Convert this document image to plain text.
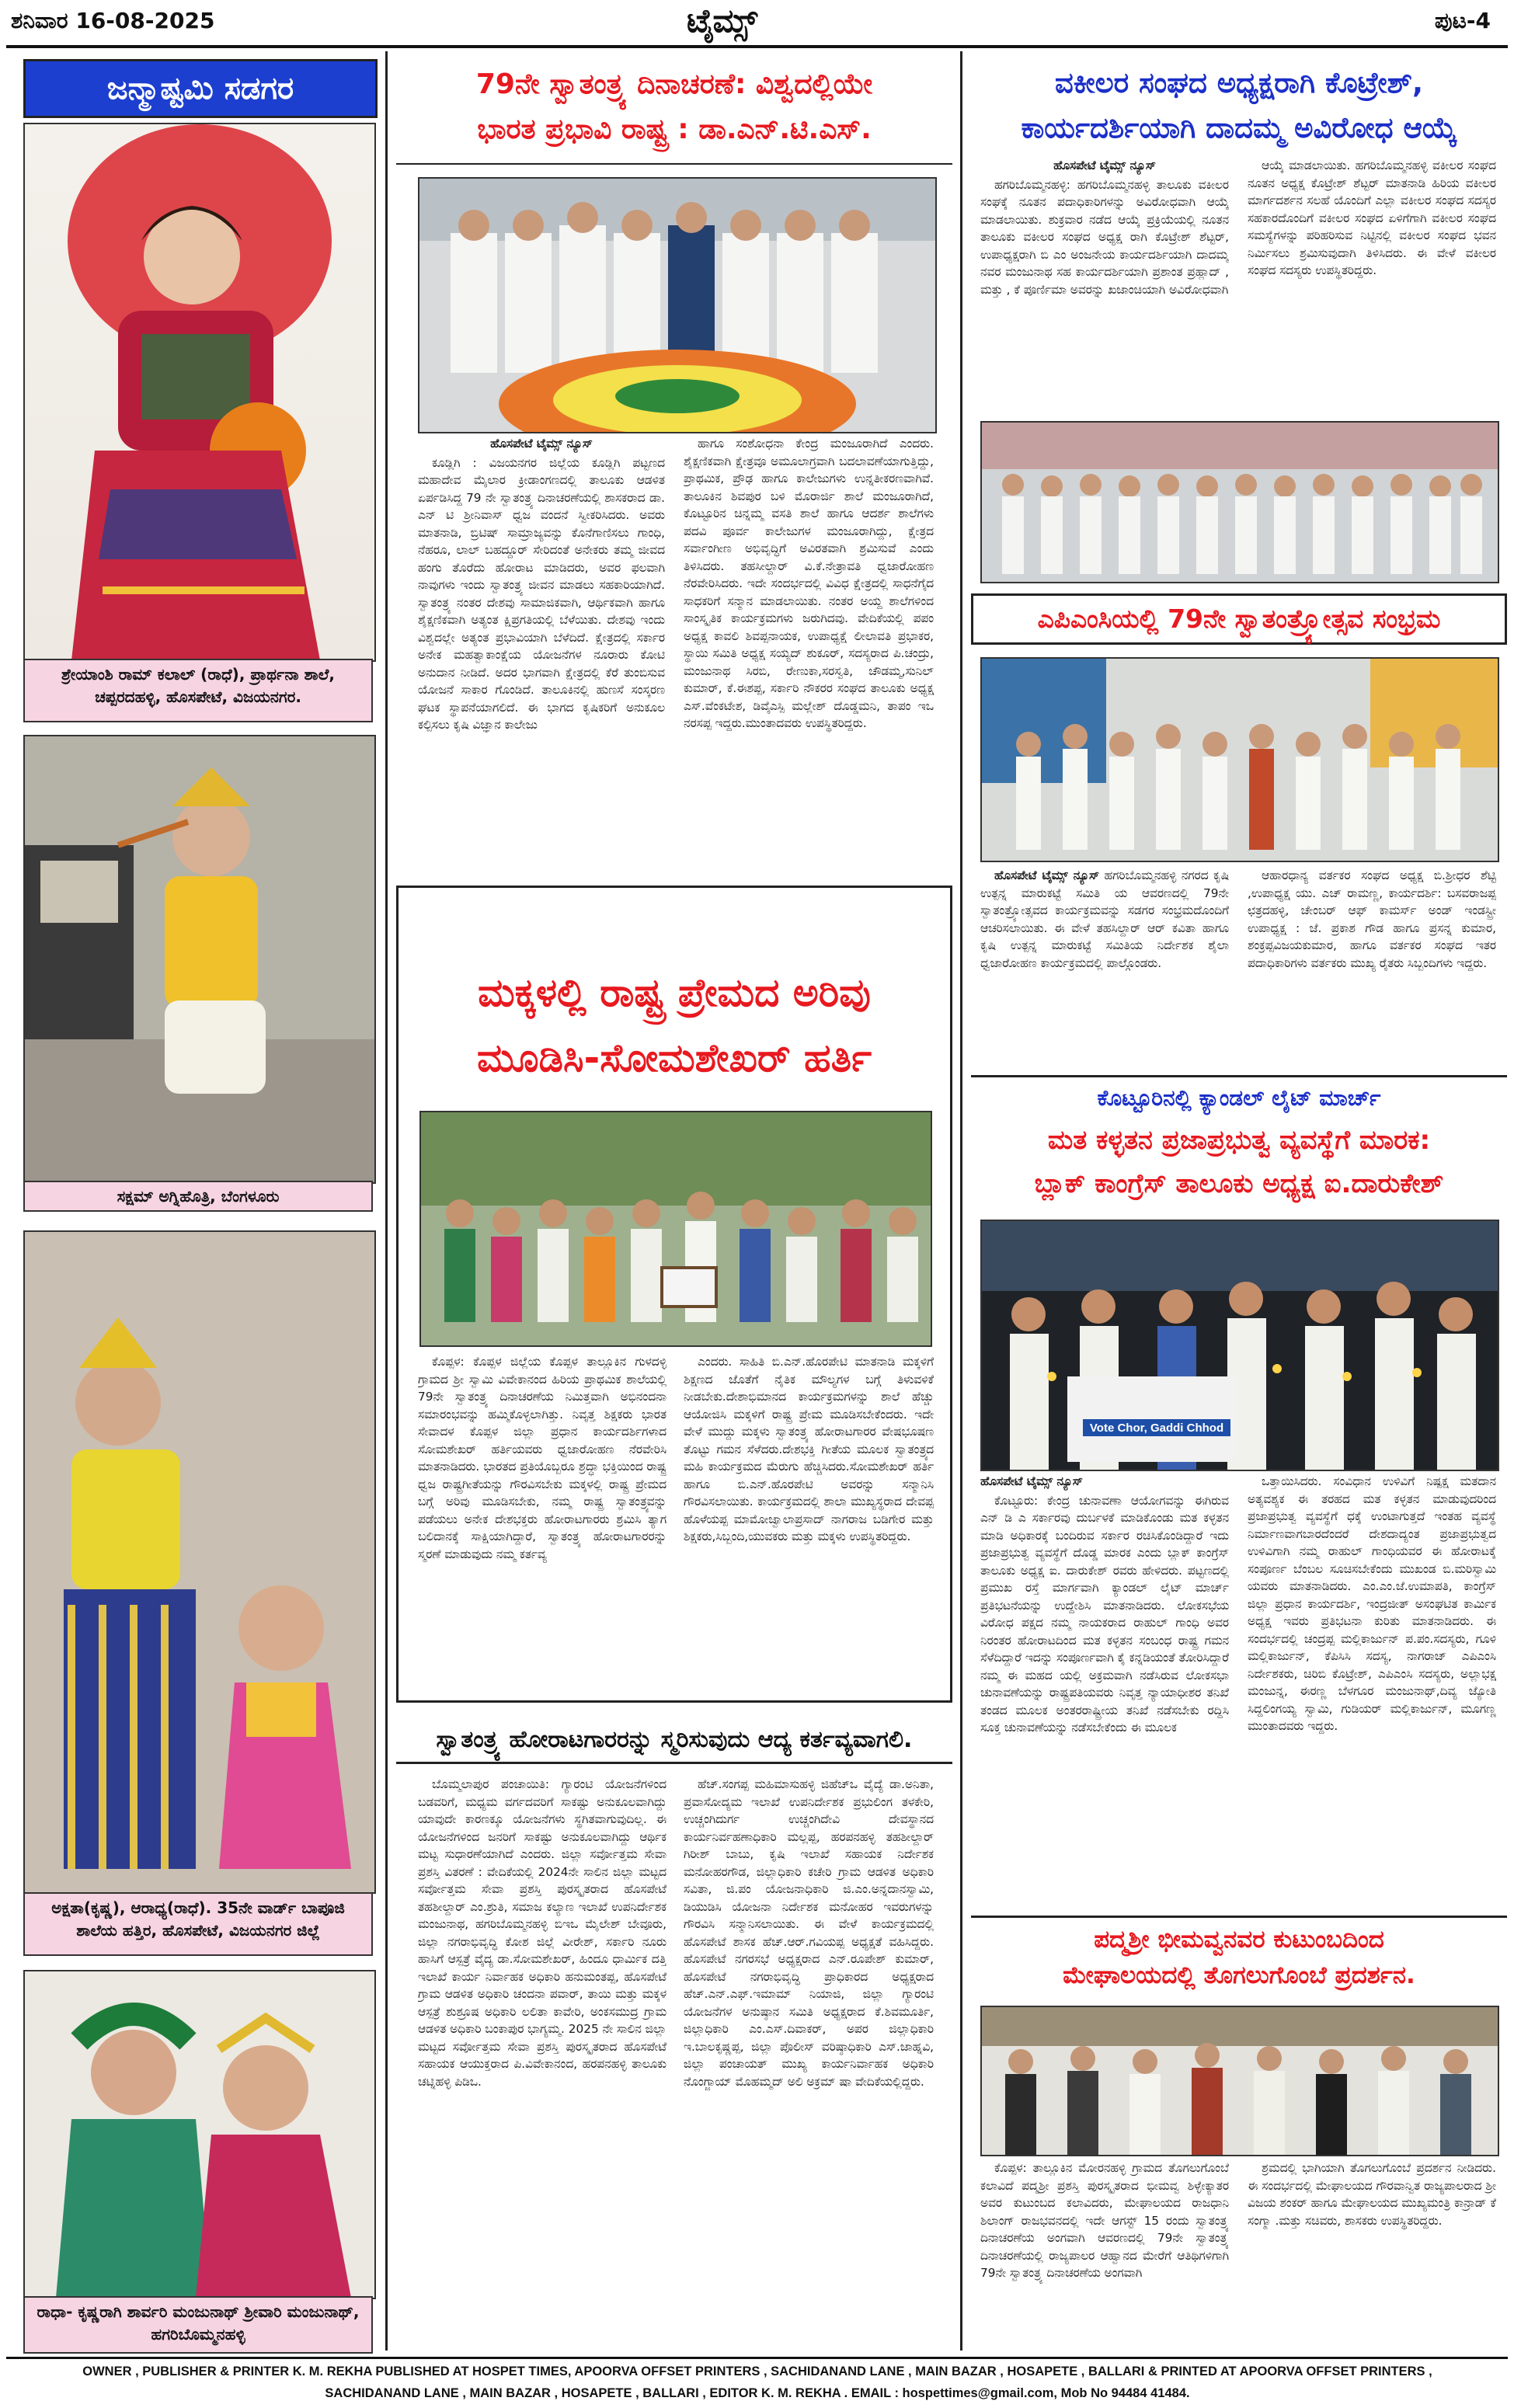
ಶನಿವಾರ 16-08-2025	ಟೈಮ್ಸ್	ಪುಟ-4
ಜನ್ಮಾಷ್ಟಮಿ ಸಡಗರ
ಶ್ರೇಯಾಂಶಿ ರಾಮ್ ಕಲಾಲ್ (ರಾಧೆ), ಪ್ರಾರ್ಥನಾ ಶಾಲೆ, ಚಪ್ಪರದಹಳ್ಳಿ, ಹೊಸಪೇಟೆ, ವಿಜಯನಗರ.
ಸಕ್ಷಮ್ ಅಗ್ನಿಹೊತ್ರಿ, ಬೆಂಗಳೂರು
ಅಕ್ಷತಾ(ಕೃಷ್ಣ), ಆರಾಧ್ಯ(ರಾಧೆ). 35ನೇ ವಾರ್ಡ್ ಬಾಪೂಜಿ ಶಾಲೆಯ ಹತ್ತಿರ, ಹೊಸಪೇಟೆ, ವಿಜಯನಗರ ಜಿಲ್ಲೆ
ರಾಧಾ- ಕೃಷ್ಣರಾಗಿ ಶಾರ್ವರಿ ಮಂಜುನಾಥ್ ಶ್ರೀವಾರಿ ಮಂಜುನಾಥ್, ಹಗರಿಬೊಮ್ಮನಹಳ್ಳಿ
79ನೇ ಸ್ವಾತಂತ್ರ್ಯ ದಿನಾಚರಣೆ: ವಿಶ್ವದಲ್ಲಿಯೇ
ಭಾರತ ಪ್ರಭಾವಿ ರಾಷ್ಟ್ರ : ಡಾ.ಎನ್.ಟಿ.ಎಸ್.

ಹೊಸಪೇಟೆ ಟೈಮ್ಸ್ ನ್ಯೂಸ್

ಕೂಡ್ಲಿಗಿ : ವಿಜಯನಗರ ಜಿಲ್ಲೆಯ ಕೂಡ್ಲಿಗಿ ಪಟ್ಟಣದ ಮಹಾದೇವ ಮೈಲಾರ ಕ್ರೀಡಾಂಗಣದಲ್ಲಿ ತಾಲೂಕು ಆಡಳಿತ ಏರ್ಪಡಿಸಿದ್ದ 79 ನೇ ಸ್ವಾತಂತ್ರ್ಯ ದಿನಾಚರಣೆಯಲ್ಲಿ ಶಾಸಕರಾದ ಡಾ. ಎನ್ ಟಿ ಶ್ರೀನಿವಾಸ್ ಧ್ವಜ ವಂದನೆ ಸ್ವೀಕರಿಸಿದರು. ಅವರು ಮಾತನಾಡಿ, ಬ್ರಿಟಿಷ್ ಸಾಮ್ರಾಜ್ಯವನ್ನು ಕೊನೆಗಾಣಿಸಲು ಗಾಂಧಿ, ನೆಹರೂ, ಲಾಲ್ ಬಹದ್ದೂರ್ ಸೇರಿದಂತೆ ಅನೇಕರು ತಮ್ಮ ಜೀವದ ಹಂಗು ತೊರೆದು ಹೋರಾಟ ಮಾಡಿದರು, ಅವರ ಫಲವಾಗಿ ನಾವುಗಳು ಇಂದು ಸ್ವಾತಂತ್ರ್ಯ ಜೀವನ ಮಾಡಲು ಸಹಕಾರಿಯಾಗಿದೆ. ಸ್ವಾತಂತ್ರ್ಯ ನಂತರ ದೇಶವು ಸಾಮಾಜಿಕವಾಗಿ, ಆರ್ಥಿಕವಾಗಿ ಹಾಗೂ ಶೈಕ್ಷಣಿಕವಾಗಿ ಅತ್ಯಂತ ಕ್ಷಿಪ್ರಗತಿಯಲ್ಲಿ ಬೆಳೆಯಿತು. ದೇಶವು ಇಂದು ವಿಶ್ವದಲ್ಲೇ ಅತ್ಯಂತ ಪ್ರಭಾವಿಯಾಗಿ ಬೆಳೆದಿದೆ. ಕ್ಷೇತ್ರದಲ್ಲಿ ಸರ್ಕಾರ ಅನೇಕ ಮಹತ್ವಾಕಾಂಕ್ಷೆಯ ಯೋಜನೆಗಳ ನೂರಾರು ಕೋಟಿ ಅನುದಾನ ನೀಡಿದೆ. ಅದರ ಭಾಗವಾಗಿ ಕ್ಷೇತ್ರದಲ್ಲಿ ಕೆರೆ ತುಂಬಿಸುವ ಯೋಜನೆ ಸಾಕಾರ ಗೊಂಡಿದೆ. ತಾಲೂಕಿನಲ್ಲಿ ಹುಣಸೆ ಸಂಸ್ಕರಣ ಘಟಕ ಸ್ಥಾಪನೆಯಾಗಲಿದೆ. ಈ ಭಾಗದ ಕೃಷಿಕರಿಗೆ ಅನುಕೂಲ ಕಲ್ಪಿಸಲು ಕೃಷಿ ವಿಜ್ಞಾನ ಕಾಲೇಜು

ಹಾಗೂ ಸಂಶೋಧನಾ ಕೇಂದ್ರ ಮಂಜೂರಾಗಿದೆ ಎಂದರು. ಶೈಕ್ಷಣಿಕವಾಗಿ ಕ್ಷೇತ್ರವೂ ಅಮೂಲಾಗ್ರವಾಗಿ ಬದಲಾವಣೆಯಾಗುತ್ತಿದ್ದು, ಪ್ರಾಥಮಿಕ, ಪ್ರೌಢ ಹಾಗೂ ಕಾಲೇಜುಗಳು ಉನ್ನತೀಕರಣವಾಗಿವೆ. ತಾಲೂಕಿನ ಶಿವಪುರ ಬಳಿ ಮೊರಾರ್ಜಿ ಶಾಲೆ ಮಂಜೂರಾಗಿದೆ, ಕೊಟ್ಟೂರಿನ ಚಿನ್ನಮ್ಮ ವಸತಿ ಶಾಲೆ ಹಾಗೂ ಆದರ್ಶ ಶಾಲೆಗಳು ಪದವಿ ಪೂರ್ವ ಕಾಲೇಜುಗಳ ಮಂಜೂರಾಗಿದ್ದು, ಕ್ಷೇತ್ರದ ಸರ್ವಾಂಗೀಣ ಅಭಿವೃದ್ಧಿಗೆ ಅವಿರತವಾಗಿ ಶ್ರಮಿಸುವೆ ಎಂದು ತಿಳಿಸಿದರು. ತಹಸೀಲ್ದಾರ್ ವಿ.ಕೆ.ನೇತ್ರಾವತಿ ಧ್ವಜಾರೋಹಣ ನೆರವೇರಿಸಿದರು. ಇದೇ ಸಂದರ್ಭದಲ್ಲಿ ವಿವಿಧ ಕ್ಷೇತ್ರದಲ್ಲಿ ಸಾಧನೆಗೈದ ಸಾಧಕರಿಗೆ ಸನ್ಮಾನ ಮಾಡಲಾಯಿತು. ನಂತರ ಅಯ್ದ ಶಾಲೆಗಳಿಂದ ಸಾಂಸ್ಕೃತಿಕ ಕಾರ್ಯಕ್ರಮಗಳು ಜರುಗಿದವು. ವೇದಿಕೆಯಲ್ಲಿ ಪಪಂ ಅಧ್ಯಕ್ಷ ಕಾವಲಿ ಶಿವಪ್ಪನಾಯಕ, ಉಪಾಧ್ಯಕ್ಷೆ ಲೀಲಾವತಿ ಪ್ರಭಾಕರ, ಸ್ಥಾಯಿ ಸಮಿತಿ ಅಧ್ಯಕ್ಷ ಸಯ್ಯದ್ ಶುಕೂರ್, ಸದಸ್ಯರಾದ ಪಿ.ಚಂದ್ರು, ಮಂಜುನಾಥ ಸಿರಬಿ, ರೇಣುಕಾ,ಸರಸ್ವತಿ, ಚೌಡಮ್ಮ,ಸುನಿಲ್ ಕುಮಾರ್, ಕೆ.ಈಶಪ್ಪ, ಸರ್ಕಾರಿ ನೌಕರರ ಸಂಘದ ತಾಲೂಕು ಅಧ್ಯಕ್ಷ ಎಸ್.ವೆಂಕಟೇಶ, ಡಿವೈಎಸ್ಪಿ ಮಲ್ಲೇಶ್ ದೊಡ್ಡಮನಿ, ತಾಪಂ ಇಒ ನರಸಪ್ಪ ಇದ್ದರು.ಮುಂತಾದವರು ಉಪಸ್ಥಿತರಿದ್ದರು.

ಮಕ್ಕಳಲ್ಲಿ ರಾಷ್ಟ್ರ ಪ್ರೇಮದ ಅರಿವು
ಮೂಡಿಸಿ-ಸೋಮಶೇಖರ್ ಹರ್ತಿ

ಕೊಪ್ಪಳ: ಕೊಪ್ಪಳ ಜಿಲ್ಲೆಯ ಕೊಪ್ಪಳ ತಾಲ್ಲೂಕಿನ ಗುಳದಳ್ಳಿ ಗ್ರಾಮದ ಶ್ರೀ ಸ್ವಾಮಿ ವಿವೇಕಾನಂದ ಹಿರಿಯ ಪ್ರಾಥಮಿಕ ಶಾಲೆಯಲ್ಲಿ 79ನೇ ಸ್ವಾತಂತ್ರ್ಯ ದಿನಾಚರಣೆಯ ನಿಮಿತ್ತವಾಗಿ ಅಭಿನಂದನಾ ಸಮಾರಂಭವನ್ನು ಹಮ್ಮಿಕೊಳ್ಳಲಾಗಿತ್ತು. ನಿವೃತ್ತ ಶಿಕ್ಷಕರು ಭಾರತ ಸೇವಾದಳ ಕೊಪ್ಪಳ ಜಿಲ್ಲಾ ಪ್ರಧಾನ ಕಾರ್ಯದರ್ಶಿಗಳಾದ ಸೋಮಶೇಖರ್ ಹರ್ತಿಯವರು ಧ್ವಜಾರೋಹಣ ನೆರವೇರಿಸಿ ಮಾತನಾಡಿದರು. ಭಾರತದ ಪ್ರತಿಯೊಬ್ಬರೂ ಶ್ರದ್ಧಾ ಭಕ್ತಿಯಿಂದ ರಾಷ್ಟ್ರ ಧ್ವಜ ರಾಷ್ಟ್ರಗೀತೆಯನ್ನು ಗೌರವಿಸಬೇಕು ಮಕ್ಕಳಲ್ಲಿ ರಾಷ್ಟ್ರ ಪ್ರೇಮದ ಬಗ್ಗೆ ಅರಿವು ಮೂಡಿಸಬೇಕು, ನಮ್ಮ ರಾಷ್ಟ್ರ ಸ್ವಾತಂತ್ರ್ಯವನ್ನು ಪಡೆಯಲು ಅನೇಕ ದೇಶಭಕ್ತರು ಹೋರಾಟಗಾರರು ಶ್ರಮಿಸಿ ತ್ಯಾಗ ಬಲಿದಾನಕ್ಕೆ ಸಾಕ್ಷಿಯಾಗಿದ್ದಾರೆ, ಸ್ವಾತಂತ್ರ್ಯ ಹೋರಾಟಗಾರರನ್ನು ಸ್ಮರಣೆ ಮಾಡುವುದು ನಮ್ಮ ಕರ್ತವ್ಯ

ಎಂದರು. ಸಾಹಿತಿ ಬಿ.ಎನ್.ಹೊರಪೇಟಿ ಮಾತನಾಡಿ ಮಕ್ಕಳಿಗೆ ಶಿಕ್ಷಣದ ಜೊತೆಗೆ ನೈತಿಕ ಮೌಲ್ಯಗಳ ಬಗ್ಗೆ ತಿಳುವಳಿಕೆ ನೀಡಬೇಕು.ದೇಶಾಭಿಮಾನದ ಕಾರ್ಯಕ್ರಮಗಳನ್ನು ಶಾಲೆ ಹೆಚ್ಚು ಆಯೋಜಿಸಿ ಮಕ್ಕಳಿಗೆ ರಾಷ್ಟ್ರ ಪ್ರೇಮ ಮೂಡಿಸಬೇಕೆಂದರು. ಇದೇ ವೇಳೆ ಮುದ್ದು ಮಕ್ಕಳು ಸ್ವಾತಂತ್ರ್ಯ ಹೋರಾಟಗಾರರ ವೇಷಭೂಷಣ ತೊಟ್ಟು ಗಮನ ಸೆಳೆದರು.ದೇಶಭಕ್ತಿ ಗೀತೆಯ ಮೂಲಕ ಸ್ವಾತಂತ್ರ್ಯದ ಮಹಿ ಕಾರ್ಯಕ್ರಮದ ಮೆರುಗು ಹೆಚ್ಚಿಸಿದರು.ಸೋಮಶೇಖರ್ ಹರ್ತಿ ಹಾಗೂ ಬಿ.ಎನ್.ಹೊರಪೇಟಿ ಅವರನ್ನು ಸನ್ಮಾನಿಸಿ ಗೌರವಿಸಲಾಯಿತು. ಕಾರ್ಯಕ್ರಮದಲ್ಲಿ ಶಾಲಾ ಮುಖ್ಯಸ್ಥರಾದ ದೇವಪ್ಪ ಹೊಳೆಯಪ್ಪ ಮಾಮೋಜ್ವಾಲಾಪ್ರಸಾದ್ ನಾಗರಾಜ ಬಡಿಗೇರ ಮತ್ತು ಶಿಕ್ಷಕರು,ಸಿಬ್ಬಂದಿ,ಯುವಕರು ಮತ್ತು ಮಕ್ಕಳು ಉಪಸ್ಥಿತರಿದ್ದರು.

ಸ್ವಾತಂತ್ರ್ಯ ಹೋರಾಟಗಾರರನ್ನು ಸ್ಮರಿಸುವುದು ಆದ್ಯ ಕರ್ತವ್ಯವಾಗಲಿ.

ಬೊಮ್ಮಲಾಪುರ ಪಂಚಾಯಿತಿ: ಗ್ಯಾರಂಟಿ ಯೋಜನೆಗಳಿಂದ ಬಡವರಿಗೆ, ಮಧ್ಯಮ ವರ್ಗದವರಿಗೆ ಸಾಕಷ್ಟು ಅನುಕೂಲವಾಗಿದ್ದು ಯಾವುದೇ ಕಾರಣಕ್ಕೂ ಯೋಜನೆಗಳು ಸ್ಥಗಿತವಾಗುವುದಿಲ್ಲ. ಈ ಯೋಜನೆಗಳಿಂದ ಜನರಿಗೆ ಸಾಕಷ್ಟು ಅನುಕೂಲವಾಗಿದ್ದು ಆರ್ಥಿಕ ಮಟ್ಟ ಸುಧಾರಣೆಯಾಗಿದೆ ಎಂದರು. ಜಿಲ್ಲಾ ಸರ್ವೋತ್ತಮ ಸೇವಾ ಪ್ರಶಸ್ತಿ ವಿತರಣೆ : ವೇದಿಕೆಯಲ್ಲಿ 2024ನೇ ಸಾಲಿನ ಜಿಲ್ಲಾ ಮಟ್ಟದ ಸರ್ವೋತ್ತಮ ಸೇವಾ ಪ್ರಶಸ್ತಿ ಪುರಸ್ಕೃತರಾದ ಹೊಸಪೇಟೆ ತಹಶೀಲ್ದಾರ್ ಎಂ.ಶ್ರುತಿ, ಸಮಾಜ ಕಲ್ಯಾಣ ಇಲಾಖೆ ಉಪನಿರ್ದೇಶಕ ಮಂಜುನಾಥ, ಹಗರಿಬೊಮ್ಮನಹಳ್ಳಿ ಬಿಇಒ ಮೈಲೇಶ್ ಬೇವೂರು, ಜಿಲ್ಲಾ ನಗರಾಭಿವೃದ್ಧಿ ಕೋಶ ಜಿಲ್ಲೆ ವೀರೇಶ್, ಸರ್ಕಾರಿ ನೂರು ಹಾಸಿಗೆ ಆಸ್ಪತ್ರೆ ವೈದ್ಯ ಡಾ.ಸೋಮಶೇಖರ್, ಹಿಂದೂ ಧಾರ್ಮಿಕ ದತ್ತಿ ಇಲಾಖೆ ಕಾರ್ಯ ನಿರ್ವಾಹಕ ಅಧಿಕಾರಿ ಹನುಮಂತಪ್ಪ, ಹೊಸಪೇಟೆ ಗ್ರಾಮ ಆಡಳಿತ ಅಧಿಕಾರಿ ಚಂದನಾ ಪವಾರ್, ತಾಯಿ ಮತ್ತು ಮಕ್ಕಳ ಆಸ್ಪತ್ರೆ ಶುಶ್ರೂಷ ಅಧಿಕಾರಿ ಲಲಿತಾ ಕಾವೇರಿ, ಅಂಕಸಮುದ್ರ ಗ್ರಾಮ ಆಡಳಿತ ಅಧಿಕಾರಿ ಬಂಕಾಪುರ ಭಾಗ್ಯಮ್ಮ. 2025 ನೇ ಸಾಲಿನ ಜಿಲ್ಲಾ ಮಟ್ಟದ ಸರ್ವೋತ್ತಮ ಸೇವಾ ಪ್ರಶಸ್ತಿ ಪುರಸ್ಕೃತರಾದ ಹೊಸಪೇಟೆ ಸಹಾಯಕ ಆಯುಕ್ತರಾದ ಪಿ.ವಿವೇಕಾನಂದ, ಹರಪನಹಳ್ಳಿ ತಾಲೂಕು ಚಟ್ನಿಹಳ್ಳಿ ಪಿಡಿಒ.

ಹೆಚ್.ಸಂಗಪ್ಪ ಮಹಿಮಾಸುಹಳ್ಳಿ ಜಿಹೆಚ್ಒ ವೈದ್ಯೆ ಡಾ.ಅನಿತಾ, ಪ್ರವಾಸೋದ್ಯಮ ಇಲಾಖೆ ಉಪನಿರ್ದೇಶಕ ಪ್ರಭುಲಿಂಗ ತಳಕೇರಿ, ಉಚ್ಚಂಗಿದುರ್ಗ ಉಚ್ಚಂಗಿದೇವಿ ದೇವಸ್ಥಾನದ ಕಾರ್ಯನಿರ್ವಹಣಾಧಿಕಾರಿ ಮಲ್ಲಪ್ಪ, ಹರಪನಹಳ್ಳಿ ತಹಶೀಲ್ದಾರ್ ಗಿರೀಶ್ ಬಾಬು, ಕೃಷಿ ಇಲಾಖೆ ಸಹಾಯಕ ನಿರ್ದೇಶಕ ಮನೋಹರಗೌಡ, ಜಿಲ್ಲಾಧಿಕಾರಿ ಕಚೇರಿ ಗ್ರಾಮ ಆಡಳಿತ ಅಧಿಕಾರಿ ಸವಿತಾ, ಜಿ.ಪಂ ಯೋಜನಾಧಿಕಾರಿ ಜಿ.ಎಂ.ಅನ್ನದಾನಸ್ವಾಮಿ, ಡಿಯುಡಿಸಿ ಯೋಜನಾ ನಿರ್ದೇಶಕ ಮನೋಹರ ಇವರುಗಳನ್ನು ಗೌರವಿಸಿ ಸನ್ಮಾನಿಸಲಾಯಿತು. ಈ ವೇಳೆ ಕಾರ್ಯಕ್ರಮದಲ್ಲಿ ಹೊಸಪೇಟೆ ಶಾಸಕ ಹೆಚ್.ಆರ್.ಗವಿಯಪ್ಪ ಅಧ್ಯಕ್ಷತೆ ವಹಿಸಿದ್ದರು. ಹೊಸಪೇಟೆ ನಗರಸಭೆ ಅಧ್ಯಕ್ಷರಾದ ಎನ್.ರೂಪೇಶ್ ಕುಮಾರ್, ಹೊಸಪೇಟೆ ನಗರಾಭಿವೃದ್ಧಿ ಪ್ರಾಧಿಕಾರದ ಅಧ್ಯಕ್ಷರಾದ ಹೆಚ್.ಎನ್.ಎಫ್.ಇಮಾಮ್ ನಿಯಾಜಿ, ಜಿಲ್ಲಾ ಗ್ಯಾರಂಟಿ ಯೋಜನೆಗಳ ಅನುಷ್ಠಾನ ಸಮಿತಿ ಅಧ್ಯಕ್ಷರಾದ ಕೆ.ಶಿವಮೂರ್ತಿ, ಜಿಲ್ಲಾಧಿಕಾರಿ ಎಂ.ಎಸ್.ದಿವಾಕರ್, ಅಪರ ಜಿಲ್ಲಾಧಿಕಾರಿ ಇ.ಬಾಲಕೃಷ್ಣಪ್ಪ, ಜಿಲ್ಲಾ ಪೊಲೀಸ್ ವರಿಷ್ಠಾಧಿಕಾರಿ ಎಸ್.ಜಾಹ್ನವಿ, ಜಿಲ್ಲಾ ಪಂಚಾಯತ್ ಮುಖ್ಯ ಕಾರ್ಯನಿರ್ವಾಹಕ ಅಧಿಕಾರಿ ನೊಂಗ್ಜಾಯ್ ಮೊಹಮ್ಮದ್ ಅಲಿ ಅಕ್ರಮ್ ಷಾ ವೇದಿಕೆಯಲ್ಲಿದ್ದರು.

ವಕೀಲರ ಸಂಘದ ಅಧ್ಯಕ್ಷರಾಗಿ ಕೊಟ್ರೇಶ್,
ಕಾರ್ಯದರ್ಶಿಯಾಗಿ ದಾದಮ್ಮ ಅವಿರೋಧ ಆಯ್ಕೆ

ಹೊಸಪೇಟೆ ಟೈಮ್ಸ್ ನ್ಯೂಸ್

ಹಗರಿಬೊಮ್ಮನಹಳ್ಳಿ: ಹಗರಿಬೊಮ್ಮನಹಳ್ಳಿ ತಾಲೂಕು ವಕೀಲರ ಸಂಘಕ್ಕೆ ನೂತನ ಪದಾಧಿಕಾರಿಗಳನ್ನು ಅವಿರೋಧವಾಗಿ ಆಯ್ಕೆ ಮಾಡಲಾಯಿತು. ಶುಕ್ರವಾರ ನಡೆದ ಆಯ್ಕೆ ಪ್ರಕ್ರಿಯೆಯಲ್ಲಿ ನೂತನ ತಾಲೂಕು ವಕೀಲರ ಸಂಘದ ಅಧ್ಯಕ್ಷ ರಾಗಿ ಕೊಟ್ರೇಶ್ ಶೆಟ್ಟರ್, ಉಪಾಧ್ಯಕ್ಷರಾಗಿ ಬಿ ಎಂ ಅಂಜನೇಯ ಕಾರ್ಯದರ್ಶಿಯಾಗಿ ದಾದಮ್ಮ ನವರ ಮಂಜುನಾಥ ಸಹ ಕಾರ್ಯದರ್ಶಿಯಾಗಿ ಪ್ರಶಾಂತ ಪ್ರಹ್ಲಾದ್ , ಮತ್ತು , ಕೆ ಪೂರ್ಣಿಮಾ ಅವರನ್ನು ಖಜಾಂಚಿಯಾಗಿ ಅವಿರೋಧವಾಗಿ

ಆಯ್ಕೆ ಮಾಡಲಾಯಿತು. ಹಗರಿಬೊಮ್ಮನಹಳ್ಳಿ ವಕೀಲರ ಸಂಘದ ನೂತನ ಅಧ್ಯಕ್ಷ ಕೊಟ್ರೇಶ್ ಶೆಟ್ಟರ್ ಮಾತನಾಡಿ ಹಿರಿಯ ವಕೀಲರ ಮಾರ್ಗದರ್ಶನ ಸಲಹೆ ಯೊಂದಿಗೆ ಎಲ್ಲಾ ವಕೀಲರ ಸಂಘದ ಸದಸ್ಯರ ಸಹಕಾರದೊಂದಿಗೆ ವಕೀಲರ ಸಂಘದ ಏಳಿಗೆಗಾಗಿ ವಕೀಲರ ಸಂಘದ ಸಮಸ್ಯೆಗಳನ್ನು ಪರಿಹರಿಸುವ ನಿಟ್ಟಿನಲ್ಲಿ ವಕೀಲರ ಸಂಘದ ಭವನ ನಿರ್ಮಿಸಲು ಶ್ರಮಿಸುವುದಾಗಿ ತಿಳಿಸಿದರು. ಈ ವೇಳೆ ವಕೀಲರ ಸಂಘದ ಸದಸ್ಯರು ಉಪಸ್ಥಿತರಿದ್ದರು.

ಎಪಿಎಂಸಿಯಲ್ಲಿ 79ನೇ ಸ್ವಾತಂತ್ರ್ಯೋತ್ಸವ ಸಂಭ್ರಮ

ಹೊಸಪೇಟೆ ಟೈಮ್ಸ್ ನ್ಯೂಸ್ ಹಗರಿಬೊಮ್ಮನಹಳ್ಳಿ ನಗರದ ಕೃಷಿ ಉತ್ಪನ್ನ ಮಾರುಕಟ್ಟೆ ಸಮಿತಿ ಯ ಆವರಣದಲ್ಲಿ 79ನೇ ಸ್ವಾತಂತ್ರ್ಯೋತ್ಸವದ ಕಾರ್ಯಕ್ರಮವನ್ನು ಸಡಗರ ಸಂಭ್ರಮದೊಂದಿಗೆ ಆಚರಿಸಲಾಯಿತು. ಈ ವೇಳೆ ತಹಸಿಲ್ದಾರ್ ಆರ್ ಕವಿತಾ ಹಾಗೂ ಕೃಷಿ ಉತ್ಪನ್ನ ಮಾರುಕಟ್ಟೆ ಸಮಿತಿಯ ನಿರ್ದೇಶಕ ಶೈಲಾ ಧ್ವಜಾರೋಹಣ ಕಾರ್ಯಕ್ರಮದಲ್ಲಿ ಪಾಲ್ಗೊಂಡರು.

ಆಹಾರಧಾನ್ಯ ವರ್ತಕರ ಸಂಘದ ಅಧ್ಯಕ್ಷ ಬಿ.ಶ್ರೀಧರ ಶೆಟ್ಟಿ ,ಉಪಾಧ್ಯಕ್ಷ ಯು. ಎಚ್ ರಾಮಣ್ಣ, ಕಾರ್ಯದರ್ಶಿ: ಬಸವರಾಜಪ್ಪ ಛತ್ರದಹಳ್ಳಿ, ಚೇಂಬರ್ ಆಫ್ ಕಾಮರ್ಸ್ ಅಂಡ್ ಇಂಡಸ್ಟ್ರೀ ಉಪಾಧ್ಯಕ್ಷ : ಜೆ. ಪ್ರಕಾಶ ಗೌಡ ಹಾಗೂ ಪ್ರಸನ್ನ ಕುಮಾರ, ಶಂಕ್ರಪ್ಪವಿಜಯಕುಮಾರ, ಹಾಗೂ ವರ್ತಕರ ಸಂಘದ ಇತರ ಪದಾಧಿಕಾರಿಗಳು ವರ್ತಕರು ಮುಖ್ಯ ರೈತರು ಸಿಬ್ಬಂದಿಗಳು ಇದ್ದರು.

ಕೊಟ್ಟೂರಿನಲ್ಲಿ ಕ್ಯಾಂಡಲ್ ಲೈಟ್ ಮಾರ್ಚ್
ಮತ ಕಳ್ಳತನ ಪ್ರಜಾಪ್ರಭುತ್ವ ವ್ಯವಸ್ಥೆಗೆ ಮಾರಕ:
ಬ್ಲಾಕ್ ಕಾಂಗ್ರೆಸ್ ತಾಲೂಕು ಅಧ್ಯಕ್ಷ ಐ.ದಾರುಕೇಶ್
Vote Chor, Gaddi Chhod

ಹೊಸಪೇಟೆ ಟೈಮ್ಸ್ ನ್ಯೂಸ್

ಕೊಟ್ಟೂರು: ಕೇಂದ್ರ ಚುನಾವಣಾ ಆಯೋಗವನ್ನು ಈಗಿರುವ ಎನ್ ಡಿ ಎ ಸರ್ಕಾರವು ದುರ್ಬಳಕೆ ಮಾಡಿಕೊಂಡು ಮತ ಕಳ್ಳತನ ಮಾಡಿ ಅಧಿಕಾರಕ್ಕೆ ಬಂದಿರುವ ಸರ್ಕಾರ ರಚಿಸಿಕೊಂಡಿದ್ದಾರೆ ಇದು ಪ್ರಜಾಪ್ರಭುತ್ವ ವ್ಯವಸ್ಥೆಗೆ ದೊಡ್ಡ ಮಾರಕ ಎಂದು ಬ್ಲಾಕ್ ಕಾಂಗ್ರೆಸ್ ತಾಲೂಕು ಅಧ್ಯಕ್ಷ ಐ. ದಾರುಕೇಶ್ ರವರು ಹೇಳಿದರು. ಪಟ್ಟಣದಲ್ಲಿ ಪ್ರಮುಖ ರಸ್ತೆ ಮಾರ್ಗವಾಗಿ ಕ್ಯಾಂಡಲ್ ಲೈಟ್ ಮಾರ್ಚ್ ಪ್ರತಿಭಟನೆಯನ್ನು ಉದ್ದೇಶಿಸಿ ಮಾತನಾಡಿದರು. ಲೋಕಸಭೆಯ ವಿರೋಧ ಪಕ್ಷದ ನಮ್ಮ ನಾಯಕರಾದ ರಾಹುಲ್ ಗಾಂಧಿ ಅವರ ನಿರಂತರ ಹೋರಾಟದಿಂದ ಮತ ಕಳ್ಳತನ ಸಂಬಂಧ ರಾಷ್ಟ್ರ ಗಮನ ಸೆಳೆದಿದ್ದಾರೆ ಇದನ್ನು ಸಂಪೂರ್ಣವಾಗಿ ಕೈ ಕನ್ನಡಿಯಂತೆ ತೋರಿಸಿದ್ದಾರೆ ನಮ್ಮ ಈ ಮಹದ ಯಲ್ಲಿ ಅಕ್ರಮವಾಗಿ ನಡೆಸಿರುವ ಲೋಕಸಭಾ ಚುನಾವಣೆಯನ್ನು ರಾಷ್ಟ್ರಪತಿಯವರು ನಿವೃತ್ತ ನ್ಯಾಯಾಧೀಶರ ತನಿಖೆ ತಂಡದ ಮೂಲಕ ಅಂತರರಾಷ್ಟ್ರೀಯ ತನಿಖೆ ನಡೆಸಬೇಕು ರದ್ದಿಸಿ ಸೂಕ್ತ ಚುನಾವಣೆಯನ್ನು ನಡೆಸಬೇಕೆಂದು ಈ ಮೂಲಕ

ಒತ್ತಾಯಿಸಿದರು. ಸಂವಿಧಾನ ಉಳಿವಿಗೆ ನಿಷ್ಪಕ್ಷ ಮತದಾನ ಅತ್ಯವಶ್ಯಕ ಈ ತರಹದ ಮತ ಕಳ್ಳತನ ಮಾಡುವುದರಿಂದ ಪ್ರಜಾಪ್ರಭುತ್ವ ವ್ಯವಸ್ಥೆಗೆ ಧಕ್ಕೆ ಉಂಟಾಗುತ್ತದೆ ಇಂತಹ ವ್ಯವಸ್ಥೆ ನಿರ್ಮಾಣವಾಗಬಾರದೆಂದರೆ ದೇಶದಾದ್ಯಂತ ಪ್ರಜಾಪ್ರಭುತ್ವದ ಉಳಿವಿಗಾಗಿ ನಮ್ಮ ರಾಹುಲ್ ಗಾಂಧಿಯವರ ಈ ಹೋರಾಟಕ್ಕೆ ಸಂಪೂರ್ಣ ಬೆಂಬಲ ಸೂಚಿಸಬೇಕೆಂದು ಮುಖಂಡ ಬಿ.ಮರಿಸ್ವಾಮಿ ಯವರು ಮಾತನಾಡಿದರು. ಎಂ.ಎಂ.ಜೆ.ಉಮಾಪತಿ, ಕಾಂಗ್ರೆಸ್ ಜಿಲ್ಲಾ ಪ್ರಧಾನ ಕಾರ್ಯದರ್ಶಿ, ಇಂದ್ರಜೀತ್ ಅಸಂಘಟಿತ ಕಾರ್ಮಿಕ ಅಧ್ಯಕ್ಷ ಇವರು ಪ್ರತಿಭಟನಾ ಕುರಿತು ಮಾತನಾಡಿದರು. ಈ ಸಂದರ್ಭದಲ್ಲಿ ಚಂದ್ರಪ್ಪ ಮಲ್ಲಿಕಾರ್ಜುನ್ ಪ.ಪಂ.ಸದಸ್ಯರು, ಗೂಳಿ ಮಲ್ಲಿಕಾರ್ಜುನ್, ಕೆಪಿಸಿಸಿ ಸದಸ್ಯ, ನಾಗರಾಜ್ ಎಪಿಎಂಸಿ ನಿರ್ದೇಶಕರು, ಚಿರಿಬಿ ಕೊಟ್ರೇಶ್, ಎಪಿಎಂಸಿ ಸದಸ್ಯರು, ಅಲ್ಲಾಭಕ್ಷ ಮಂಜುನ್ನ, ಈರಣ್ಣ ಬೆಳಗೂರ ಮಂಜುನಾಥ್,ದಿವ್ಯ ಜ್ಯೋತಿ ಸಿದ್ದಲಿಂಗಯ್ಯ ಸ್ವಾಮಿ, ಗುಡಿಯರ್ ಮಲ್ಲಿಕಾರ್ಜುನ್, ಮೂಗಣ್ಣ ಮುಂತಾದವರು ಇದ್ದರು.

ಪದ್ಮಶ್ರೀ ಭೀಮವ್ವನವರ ಕುಟುಂಬದಿಂದ
ಮೇಘಾಲಯದಲ್ಲಿ ತೊಗಲುಗೊಂಬೆ ಪ್ರದರ್ಶನ.

ಕೊಪ್ಪಳ: ತಾಲ್ಲೂಕಿನ ಮೋರನಹಳ್ಳಿ ಗ್ರಾಮದ ತೊಗಲುಗೊಂಬೆ ಕಲಾವಿದೆ ಪದ್ಮಶ್ರೀ ಪ್ರಶಸ್ತಿ ಪುರಸ್ಕೃತರಾದ ಭೀಮವ್ವ ಶಿಳ್ಳೇಕ್ಯಾತರ ಅವರ ಕುಟುಂಬದ ಕಲಾವಿದರು, ಮೇಘಾಲಯದ ರಾಜಧಾನಿ ಶಿಲಾಂಗ್ ರಾಜಭವನದಲ್ಲಿ ಇದೇ ಆಗಸ್ಟ್ 15 ರಂದು ಸ್ವಾತಂತ್ರ್ಯ ದಿನಾಚರಣೆಯ ಅಂಗವಾಗಿ ಆವರಣದಲ್ಲಿ 79ನೇ ಸ್ವಾತಂತ್ರ್ಯ ದಿನಾಚರಣೆಯಲ್ಲಿ ರಾಜ್ಯಪಾಲರ ಆಹ್ವಾನದ ಮೇರೆಗೆ ಆತಿಥಿಗಳಿಗಾಗಿ 79ನೇ ಸ್ವಾತಂತ್ರ್ಯ ದಿನಾಚರಣೆಯ ಅಂಗವಾಗಿ

ಶ್ರಮದಲ್ಲಿ ಭಾಗಿಯಾಗಿ ತೊಗಲುಗೊಂಬೆ ಪ್ರದರ್ಶನ ನೀಡಿದರು. ಈ ಸಂದರ್ಭದಲ್ಲಿ ಮೇಘಾಲಯದ ಗೌರವಾನ್ವಿತ ರಾಜ್ಯಪಾಲರಾದ ಶ್ರೀ ವಿಜಯ ಶಂಕರ್ ಹಾಗೂ ಮೇಘಾಲಯದ ಮುಖ್ಯಮಂತ್ರಿ ಕಾನ್ರಾಡ್ ಕೆ ಸಂಗ್ಮಾ .ಮತ್ತು ಸಚಿವರು, ಶಾಸಕರು ಉಪಸ್ಥಿತರಿದ್ದರು.

OWNER , PUBLISHER & PRINTER K. M. REKHA PUBLISHED AT HOSPET TIMES, APOORVA OFFSET PRINTERS , SACHIDANAND LANE , MAIN BAZAR , HOSAPETE , BALLARI & PRINTED AT APOORVA OFFSET PRINTERS ,
SACHIDANAND LANE , MAIN BAZAR , HOSAPETE , BALLARI , EDITOR K. M. REKHA . EMAIL : hospettimes@gmail.com, Mob No 94484 41484.
